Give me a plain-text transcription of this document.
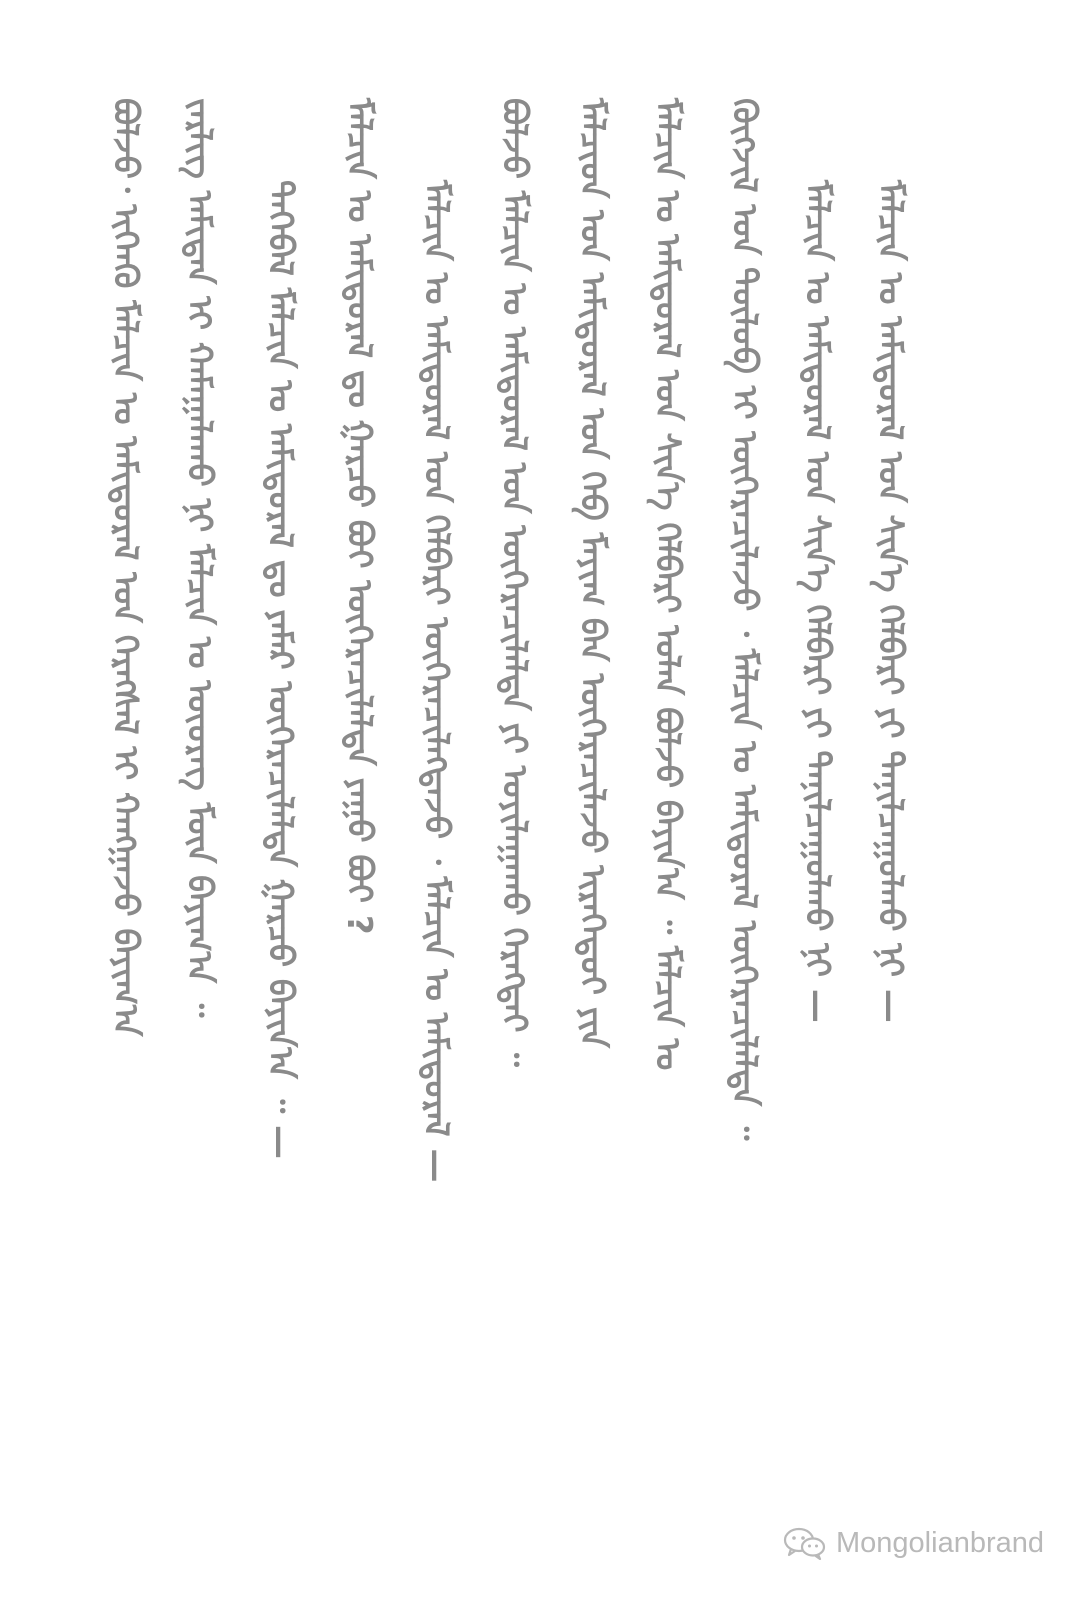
ᠪᠣᠯᠵᠤ᠂ ᠢᠬᠡᠨᠬᠦ ᠮᠠᠯᠴᠢᠨ ᠤ ᠠᠮᠢᠳᠤᠷᠠᠯ ᠤᠨ ᠬᠡᠷᠡᠭᠰᠡᠯ ᠢ ᠬᠠᠩᠭᠠᠵᠤ ᠪᠠᠶᠢᠭ᠎ᠠ ᠵᠡᠷᠯᠢᠭ ᠠᠮᠢᠲᠠᠨ ᠢ ᠬᠠᠮᠠᠭᠠᠯᠠᠬᠤ ᠨᠢ ᠮᠠᠯᠴᠢᠨ ᠤ ᠦᠦᠷᠡᠭ ᠮᠥᠨ ᠪᠠᠶᠢᠭ᠎ᠠ ᠃ ᠲᠡᠭᠡᠪᠡᠯ ᠮᠠᠯᠴᠢᠨ ᠤ ᠠᠮᠢᠳᠤᠷᠠᠯ ᠳᠤ ᠶᠠᠮᠠᠷ ᠥᠭᠡᠷᠡᠴᠢᠯᠡᠯᠲᠡ ᠭᠠᠷᠴᠤ ᠪᠠᠶᠢᠨ᠎ᠠ ᠃ — ᠮᠠᠯᠴᠢᠨ ᠤ ᠠᠮᠢᠳᠤᠷᠠᠯ ᠳᠤ ᠭᠠᠷᠴᠤ ᠪᠤᠢ ᠥᠭᠡᠷᠡᠴᠢᠯᠡᠯᠲᠡ ᠶᠠᠭᠤ ᠪᠤᠢ ? ᠮᠠᠯᠴᠢᠨ ᠤ ᠠᠮᠢᠳᠤᠷᠠᠯ ᠤᠨ ᠬᠡᠯᠪᠡᠷᠢ ᠥᠭᠡᠷᠡᠴᠢᠯᠡᠭᠳᠡᠵᠦ ᠂ ᠮᠠᠯᠴᠢᠨ ᠤ ᠠᠮᠢᠳᠤᠷᠠᠯ — ᠪᠣᠯᠵᠤ ᠮᠠᠯᠴᠢᠨ ᠤ ᠠᠮᠢᠳᠤᠷᠠᠯ ᠤᠨ ᠥᠭᠡᠷᠡᠴᠢᠯᠡᠯᠲᠡ ᠶᠢ ᠣᠶᠢᠯᠠᠭᠠᠬᠤ ᠬᠡᠷᠡᠭᠲᠡᠢ ᠃ ᠮᠠᠯᠴᠢᠳ ᠤᠨ ᠠᠮᠢᠳᠤᠷᠠᠯ ᠤᠨ ᠬᠡᠪ ᠮᠠᠶᠢᠭ ᠪᠠᠨ ᠥᠭᠡᠷᠡᠴᠢᠯᠡᠵᠦ ᠢᠷᠡᠭᠡᠳᠦᠢ ᠶᠢᠨ ᠮᠠᠯᠴᠢᠨ ᠤ ᠠᠮᠢᠳᠤᠷᠠᠯ ᠤᠨ ᠰᠢᠨ᠎ᠡ ᠬᠡᠯᠪᠡᠷᠢ ᠣᠯᠠᠨ ᠪᠣᠯᠵᠤ ᠪᠠᠶᠢᠨ᠎ᠠ ᠃ ᠮᠠᠯᠴᠢᠨ ᠤ ᠬᠥᠭᠵᠢᠯ ᠤᠨ ᠲᠥᠯᠦᠪ ᠢ ᠥᠭᠡᠷᠡᠴᠢᠯᠡᠵᠦ ᠂ ᠮᠠᠯᠴᠢᠨ ᠤ ᠠᠮᠢᠳᠤᠷᠠᠯ ᠥᠭᠡᠷᠡᠴᠢᠯᠡᠯᠲᠡ ᠃ ᠮᠠᠯᠴᠢᠨ ᠤ ᠠᠮᠢᠳᠤᠷᠠᠯ ᠤᠨ ᠰᠢᠨ᠎ᠡ ᠬᠡᠯᠪᠡᠷᠢ ᠶᠢ ᠲᠠᠨᠢᠯᠴᠠᠭᠤᠯᠬᠤ ᠨᠢ — ᠮᠠᠯᠴᠢᠨ ᠤ ᠠᠮᠢᠳᠤᠷᠠᠯ ᠤᠨ ᠰᠢᠨ᠎ᠡ ᠬᠡᠯᠪᠡᠷᠢ ᠶᠢ ᠲᠠᠨᠢᠯᠴᠠᠭᠤᠯᠬᠤ ᠨᠢ —
Mongolianbrand
